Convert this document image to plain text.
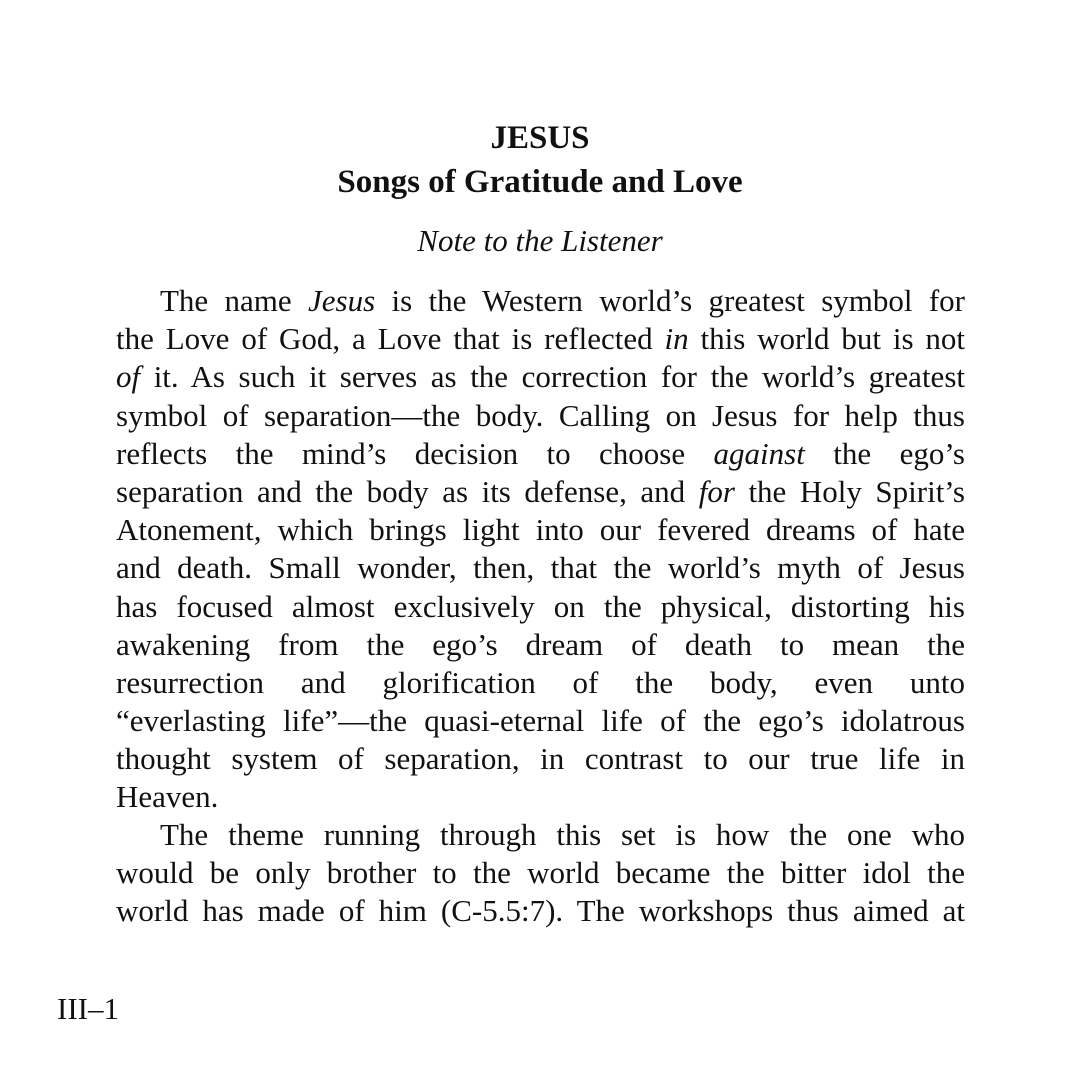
JESUS
Songs of Gratitude and Love
Note to the Listener
The name Jesus is the Western world’s greatest symbol for
the Love of God, a Love that is reflected in this world but is not
of it. As such it serves as the correction for the world’s greatest
symbol of separation—the body. Calling on Jesus for help thus
reflects the mind’s decision to choose against the ego’s
separation and the body as its defense, and for the Holy Spirit’s
Atonement, which brings light into our fevered dreams of hate
and death. Small wonder, then, that the world’s myth of Jesus
has focused almost exclusively on the physical, distorting his
awakening from the ego’s dream of death to mean the
resurrection and glorification of the body, even unto
“everlasting life”—the quasi-eternal life of the ego’s idolatrous
thought system of separation, in contrast to our true life in
Heaven.
The theme running through this set is how the one who
would be only brother to the world became the bitter idol the
world has made of him (C-5.5:7). The workshops thus aimed at
III–1
